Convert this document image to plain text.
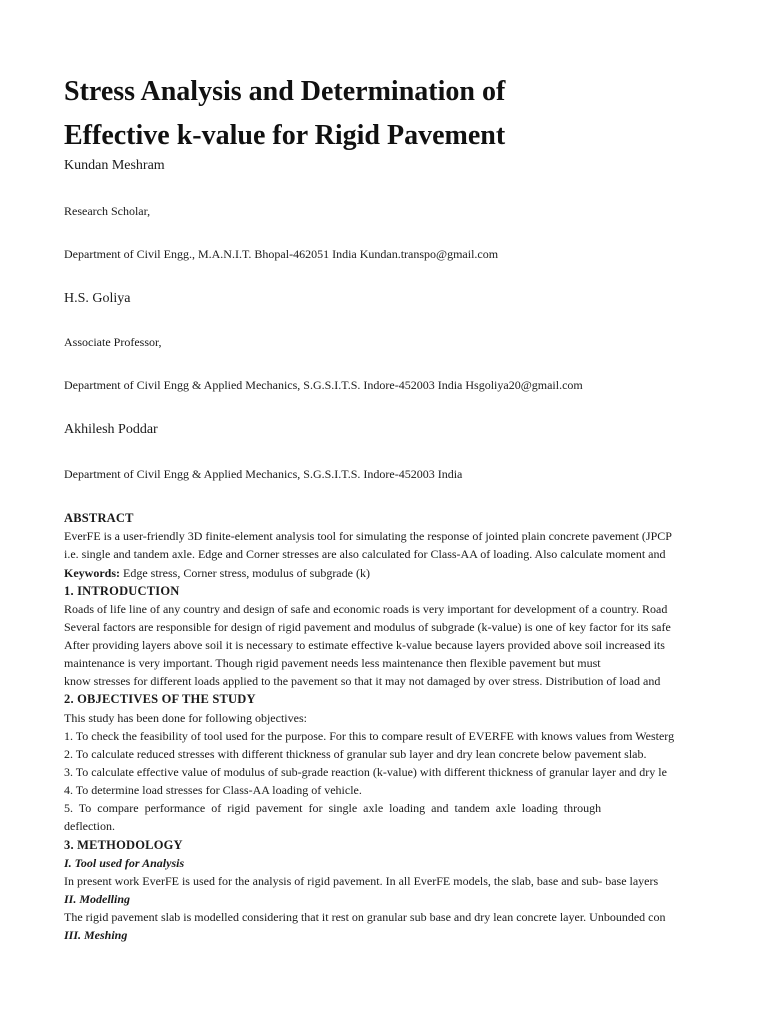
Stress Analysis and Determination of
Effective k-value for Rigid Pavement
Kundan Meshram
Research Scholar,
Department of Civil Engg., M.A.N.I.T. Bhopal-462051 India Kundan.transpo@gmail.com
H.S. Goliya
Associate Professor,
Department of Civil Engg & Applied Mechanics, S.G.S.I.T.S. Indore-452003 India Hsgoliya20@gmail.com
Akhilesh Poddar
Department of Civil Engg & Applied Mechanics, S.G.S.I.T.S. Indore-452003 India
ABSTRACT
EverFE is a user-friendly 3D finite-element analysis tool for simulating the response of jointed plain concrete pavement (JPCP
i.e. single and tandem axle. Edge and Corner stresses are also calculated for Class-AA of loading. Also calculate moment and
Keywords: Edge stress, Corner stress, modulus of subgrade (k)
1. INTRODUCTION
Roads of life line of any country and design of safe and economic roads is very important for development of a country. Road
Several factors are responsible for design of rigid pavement and modulus of subgrade (k-value) is one of key factor for its safe
After providing layers above soil it is necessary to estimate effective k-value because layers provided above soil increased its
maintenance is very important. Though rigid pavement needs less maintenance then flexible pavement but must
know stresses for different loads applied to the pavement so that it may not damaged by over stress. Distribution of load and
2. OBJECTIVES OF THE STUDY
This study has been done for following objectives:
1. To check the feasibility of tool used for the purpose. For this to compare result of EVERFE with knows values from Westerg
2. To calculate reduced stresses with different thickness of granular sub layer and dry lean concrete below pavement slab.
3. To calculate effective value of modulus of sub-grade reaction (k-value) with different thickness of granular layer and dry le
4. To determine load stresses for Class-AA loading of vehicle.
5. To compare performance of rigid pavement for single axle loading and tandem axle loading through
deflection.
3. METHODOLOGY
I. Tool used for Analysis
In present work EverFE is used for the analysis of rigid pavement. In all EverFE models, the slab, base and sub- base layers
II. Modelling
The rigid pavement slab is modelled considering that it rest on granular sub base and dry lean concrete layer. Unbounded con
III. Meshing
